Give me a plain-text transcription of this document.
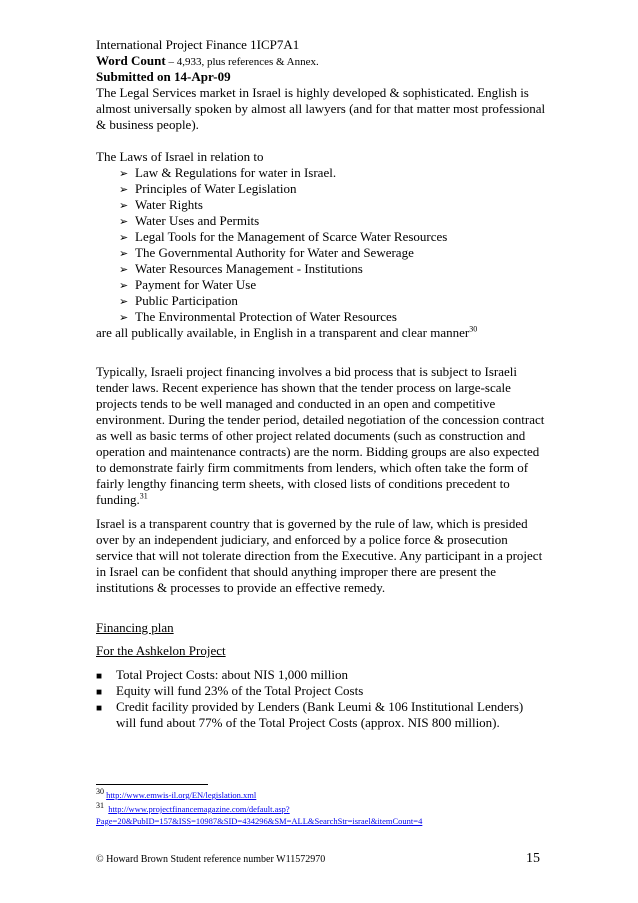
International Project Finance 1ICP7A1
Word Count – 4,933, plus references & Annex.
Submitted on 14-Apr-09
The Legal Services market in Israel is highly developed & sophisticated. English is
almost universally spoken by almost all lawyers (and for that matter most professional
& business people).
The Laws of Israel in relation to
➢ Law & Regulations for water in Israel.
➢ Principles of Water Legislation
➢ Water Rights
➢ Water Uses and Permits
➢ Legal Tools for the Management of Scarce Water Resources
➢ The Governmental Authority for Water and Sewerage
➢ Water Resources Management - Institutions
➢ Payment for Water Use
➢ Public Participation
➢ The Environmental Protection of Water Resources
are all publically available, in English in a transparent and clear manner$^{30}$
Typically, Israeli project financing involves a bid process that is subject to Israeli
tender laws. Recent experience has shown that the tender process on large-scale
projects tends to be well managed and conducted in an open and competitive
environment. During the tender period, detailed negotiation of the concession contract
as well as basic terms of other project related documents (such as construction and
operation and maintenance contracts) are the norm. Bidding groups are also expected
to demonstrate fairly firm commitments from lenders, which often take the form of
fairly lengthy financing term sheets, with closed lists of conditions precedent to
funding.$^{31}$
Israel is a transparent country that is governed by the rule of law, which is presided
over by an independent judiciary, and enforced by a police force & prosecution
service that will not tolerate direction from the Executive. Any participant in a project
in Israel can be confident that should anything improper there are present the
institutions & processes to provide an effective remedy.
Financing plan
For the Ashkelon Project
■ Total Project Costs: about NIS 1,000 million
■ Equity will fund 23% of the Total Project Costs
■ Credit facility provided by Lenders (Bank Leumi & 106 Institutional Lenders)
will fund about 77% of the Total Project Costs (approx. NIS 800 million).
$^{30}$ http://www.emwis-il.org/EN/legislation.xml
$^{31}$ http://www.projectfinancemagazine.com/default.asp?
Page=20&PubID=157&ISS=10987&SID=434296&SM=ALL&SearchStr=israel&itemCount=4
© Howard Brown Student reference number W11572970	15
